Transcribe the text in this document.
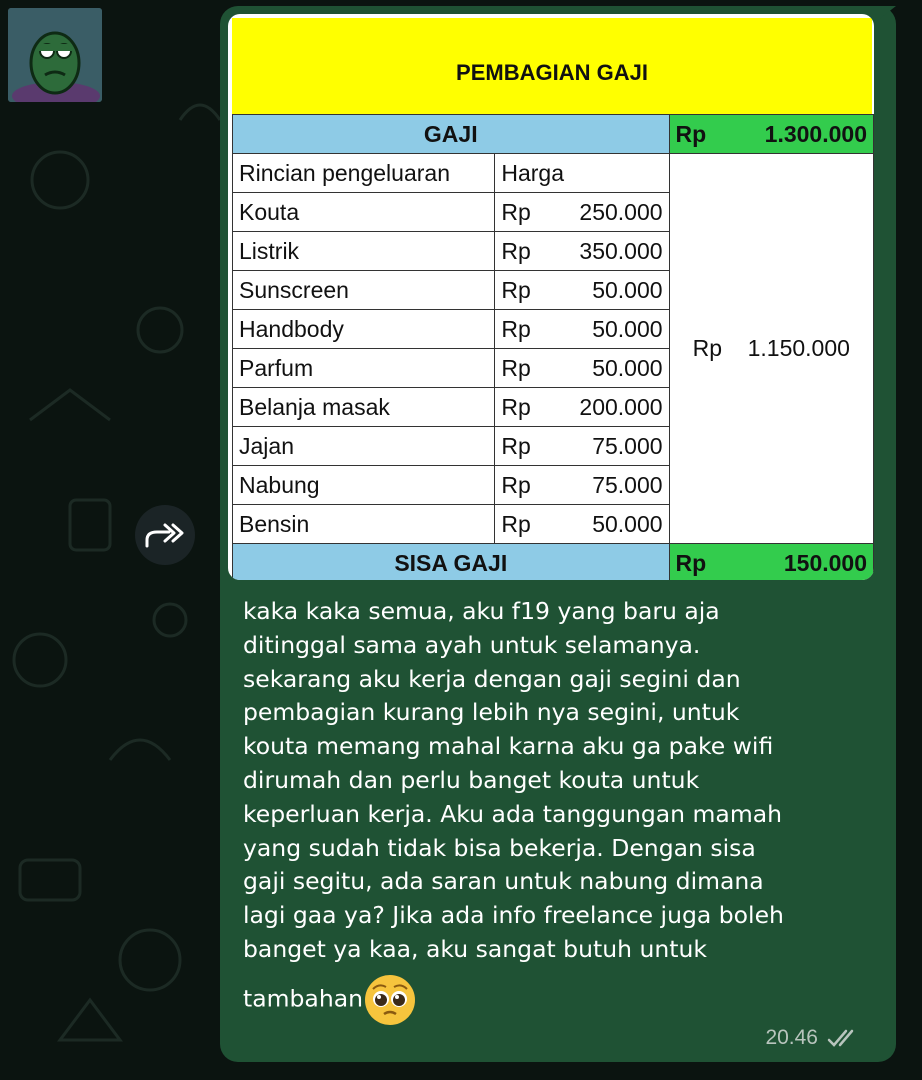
PEMBAGIAN GAJI
GAJI		Rp 1.300.000

Rincian pengeluaran	Harga	Rp 1.150.000
Kouta	Rp 250.000	

Listrik	Rp 350.000	

Sunscreen	Rp 50.000	

Handbody	Rp 50.000	

Parfum	Rp 50.000	

Belanja masak	Rp 200.000	

Jajan	Rp 75.000	

Nabung	Rp 75.000	

Bensin	Rp 50.000	

SISA GAJI		Rp 150.000
kaka kaka semua, aku f19 yang baru aja
ditinggal sama ayah untuk selamanya.
sekarang aku kerja dengan gaji segini dan
pembagian kurang lebih nya segini, untuk
kouta memang mahal karna aku ga pake wifi
dirumah dan perlu banget kouta untuk
keperluan kerja. Aku ada tanggungan mamah
yang sudah tidak bisa bekerja. Dengan sisa
gaji segitu, ada saran untuk nabung dimana
lagi gaa ya? Jika ada info freelance juga boleh
banget ya kaa, aku sangat butuh untuk
tambahan
20.46
